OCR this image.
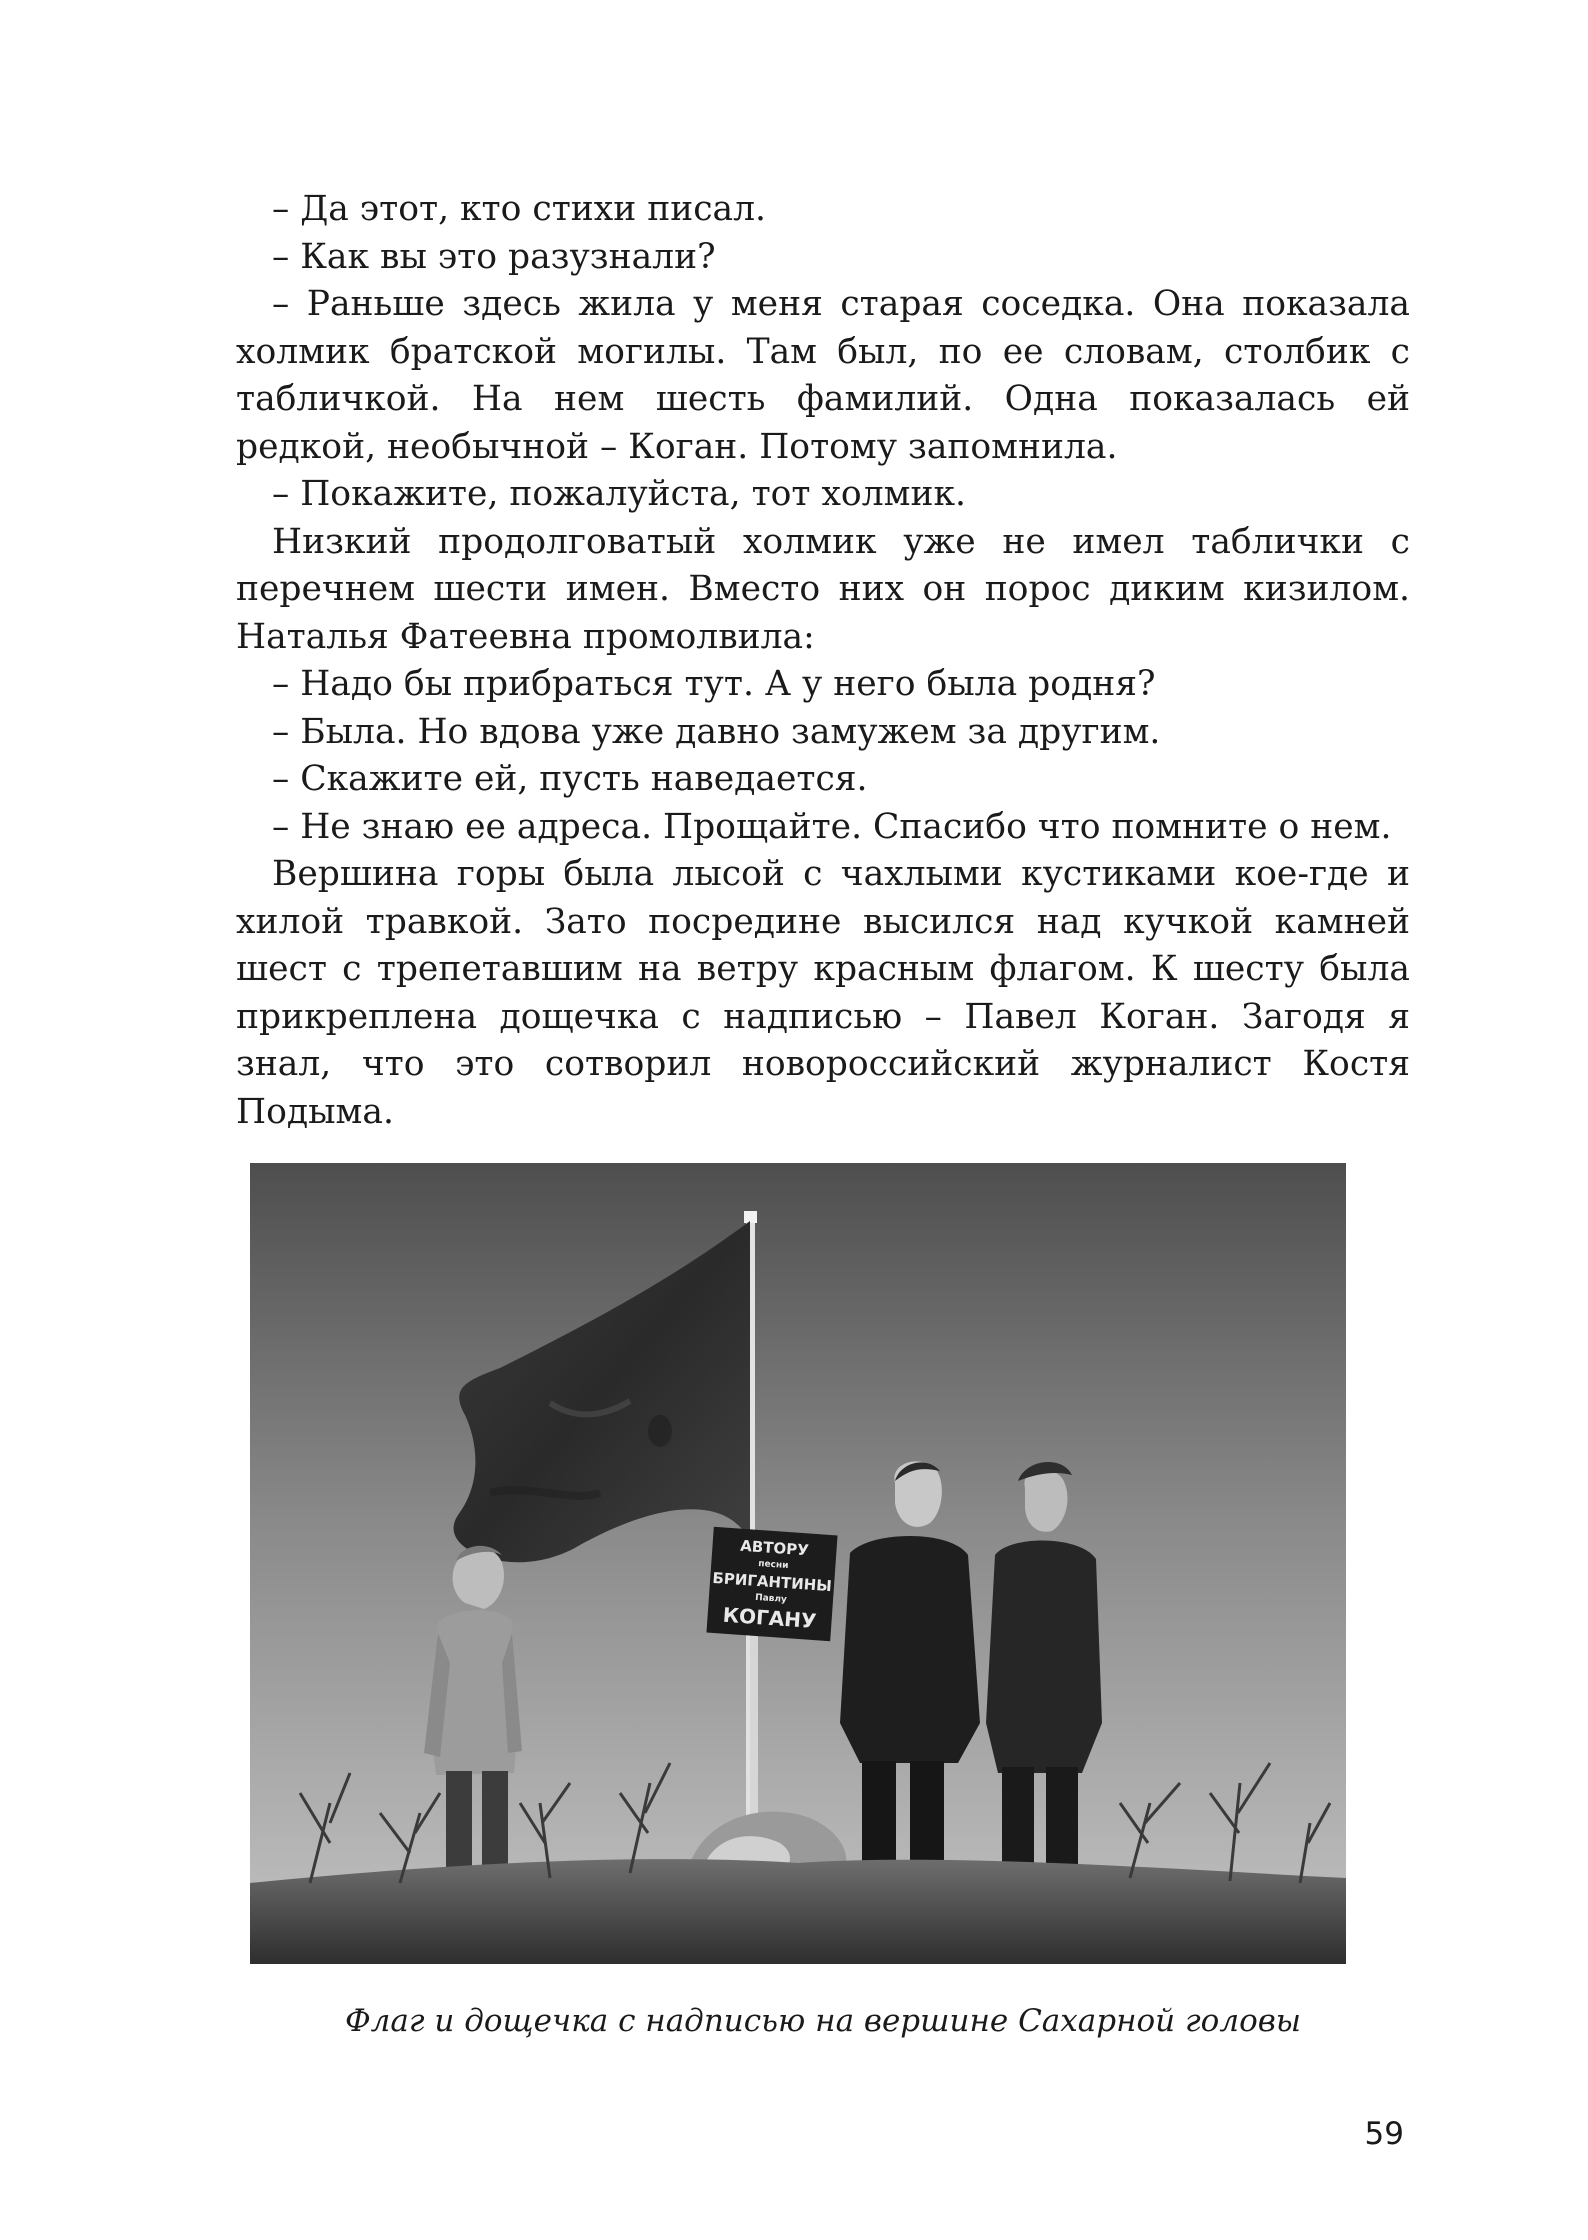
– Да этот, кто стихи писал.

– Как вы это разузнали?

– Раньше здесь жила у меня старая соседка. Она показала холмик братской могилы. Там был, по ее словам, столбик с табличкой. На нем шесть фамилий. Одна показалась ей редкой, необычной – Коган. Потому запомнила.

– Покажите, пожалуйста, тот холмик.

Низкий продолговатый холмик уже не имел таблички с перечнем шести имен. Вместо них он порос диким кизилом. Наталья Фатеевна промолвила:

– Надо бы прибраться тут. А у него была родня?

– Была. Но вдова уже давно замужем за другим.

– Скажите ей, пусть наведается.

– Не знаю ее адреса. Прощайте. Спасибо что помните о нем.

Вершина горы была лысой с чахлыми кустиками кое-где и хилой травкой. Зато посредине высился над кучкой камней шест с трепетавшим на ветру красным флагом. К шесту была прикреплена дощечка с надписью – Павел Коган. Загодя я знал, что это сотворил новороссийский журналист Костя Подыма.

АВТОРУ
песни
БРИГАНТИНЫ
Павлу
КОГАНУ
Флаг и дощечка с надписью на вершине Сахарной головы
59
